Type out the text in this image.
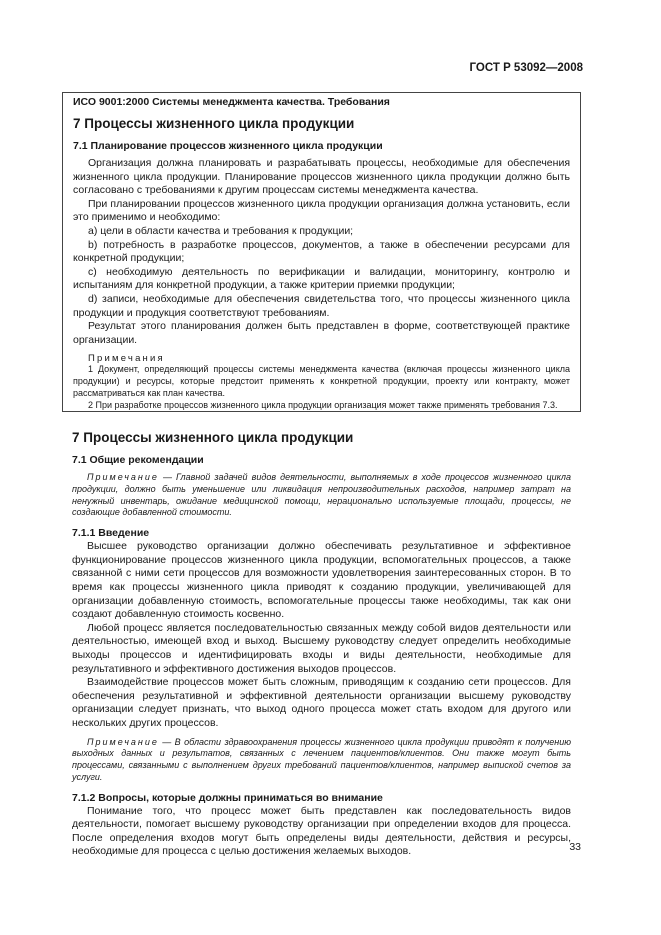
ГОСТ Р 53092—2008
ИСО 9001:2000 Системы менеджмента качества. Требования
7 Процессы жизненного цикла продукции
7.1 Планирование процессов жизненного цикла продукции

Организация должна планировать и разрабатывать процессы, необходимые для обеспечения жизненного цикла продукции. Планирование процессов жизненного цикла продукции должно быть согласовано с требованиями к другим процессам системы менеджмента качества.

При планировании процессов жизненного цикла продукции организация должна установить, если это применимо и необходимо:

a) цели в области качества и требования к продукции;

b) потребность в разработке процессов, документов, а также в обеспечении ресурсами для конкретной продукции;

c) необходимую деятельность по верификации и валидации, мониторингу, контролю и испытаниям для конкретной продукции, а также критерии приемки продукции;

d) записи, необходимые для обеспечения свидетельства того, что процессы жизненного цикла продукции и продукция соответствуют требованиям.

Результат этого планирования должен быть представлен в форме, соответствующей практике организации.

Примечания

1 Документ, определяющий процессы системы менеджмента качества (включая процессы жизненного цикла продукции) и ресурсы, которые предстоит применять к конкретной продукции, проекту или контракту, может рассматриваться как план качества.

2 При разработке процессов жизненного цикла продукции организация может также применять требования 7.3.

7 Процессы жизненного цикла продукции
7.1 Общие рекомендации
Примечание — Главной задачей видов деятельности, выполняемых в ходе процессов жизненного цикла продукции, должно быть уменьшение или ликвидация непроизводительных расходов, например затрат на ненужный инвентарь, ожидание медицинской помощи, нерационально используемые площади, процессы, не создающие добавленной стоимости.
7.1.1 Введение

Высшее руководство организации должно обеспечивать результативное и эффективное функционирование процессов жизненного цикла продукции, вспомогательных процессов, а также связанной с ними сети процессов для возможности удовлетворения заинтересованных сторон. В то время как процессы жизненного цикла приводят к созданию продукции, увеличивающей для организации добавленную стоимость, вспомогательные процессы также необходимы, так как они создают добавленную стоимость косвенно.

Любой процесс является последовательностью связанных между собой видов деятельности или деятельностью, имеющей вход и выход. Высшему руководству следует определить необходимые выходы процессов и идентифицировать входы и виды деятельности, необходимые для результативного и эффективного достижения выходов процессов.

Взаимодействие процессов может быть сложным, приводящим к созданию сети процессов. Для обеспечения результативной и эффективной деятельности организации высшему руководству организации следует признать, что выход одного процесса может стать входом для другого или нескольких других процессов.

Примечание — В области здравоохранения процессы жизненного цикла продукции приводят к получению выходных данных и результатов, связанных с лечением пациентов/клиентов. Они также могут быть процессами, связанными с выполнением других требований пациентов/клиентов, например выпиской счетов за услуги.
7.1.2 Вопросы, которые должны приниматься во внимание

Понимание того, что процесс может быть представлен как последовательность видов деятельности, помогает высшему руководству организации при определении входов для процесса. После определения входов могут быть определены виды деятельности, действия и ресурсы, необходимые для процесса с целью достижения желаемых выходов.	33
